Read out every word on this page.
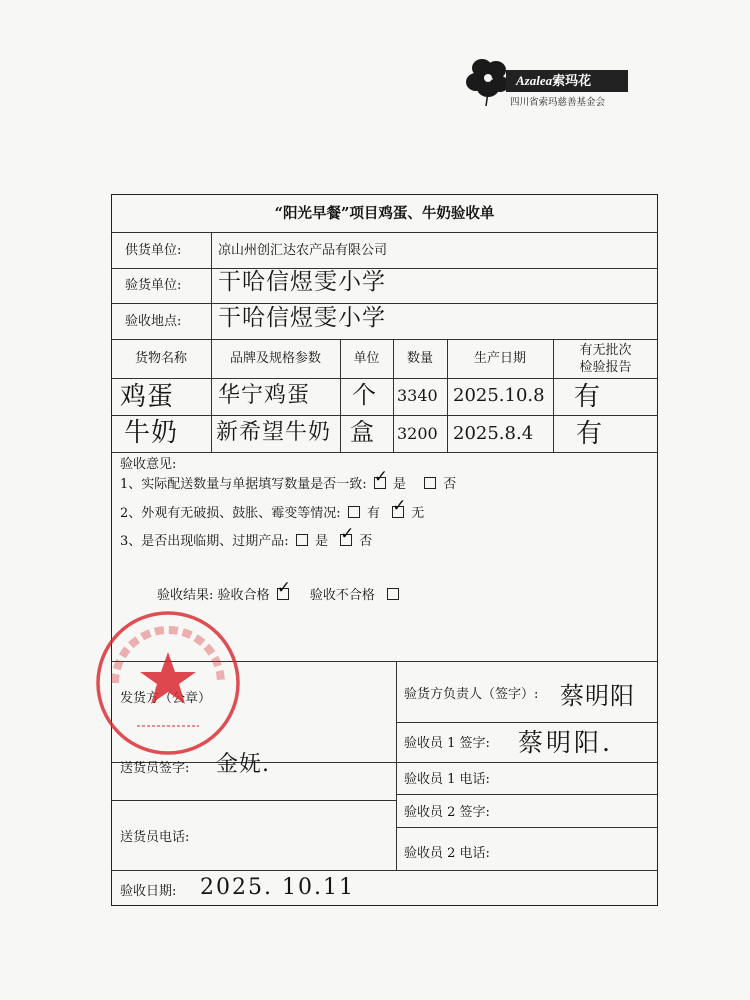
Azalea索玛花
四川省索玛慈善基金会
“阳光早餐”项目鸡蛋、牛奶验收单
供货单位:	凉山州创汇达农产品有限公司
验货单位: 干哈信煜雯小学
验收地点: 干哈信煜雯小学
货物名称	品牌及规格参数	单位	数量	生产日期
有无批次
检验报告
鸡蛋 华宁鸡蛋 个 3340 2025.10.8 有
牛奶 新希望牛奶 盒 3200 2025.8.4 有
验收意见:
1、实际配送数量与单据填写数量是否一致: ✓ 是	否
2、外观有无破损、鼓胀、霉变等情况: 有 ✓ 无
3、是否出现临期、过期产品: 是 ✓ 否
验收结果: 验收合格 ✓ 验收不合格
发货方（公章）	验货方负责人（签字）: 蔡明阳
验收员 1 签字: 蔡明阳.
送货员签字: 金妩.
验收员 1 电话:
验收员 2 签字:
送货员电话:
验收员 2 电话:
验收日期: 2025. 10.11
